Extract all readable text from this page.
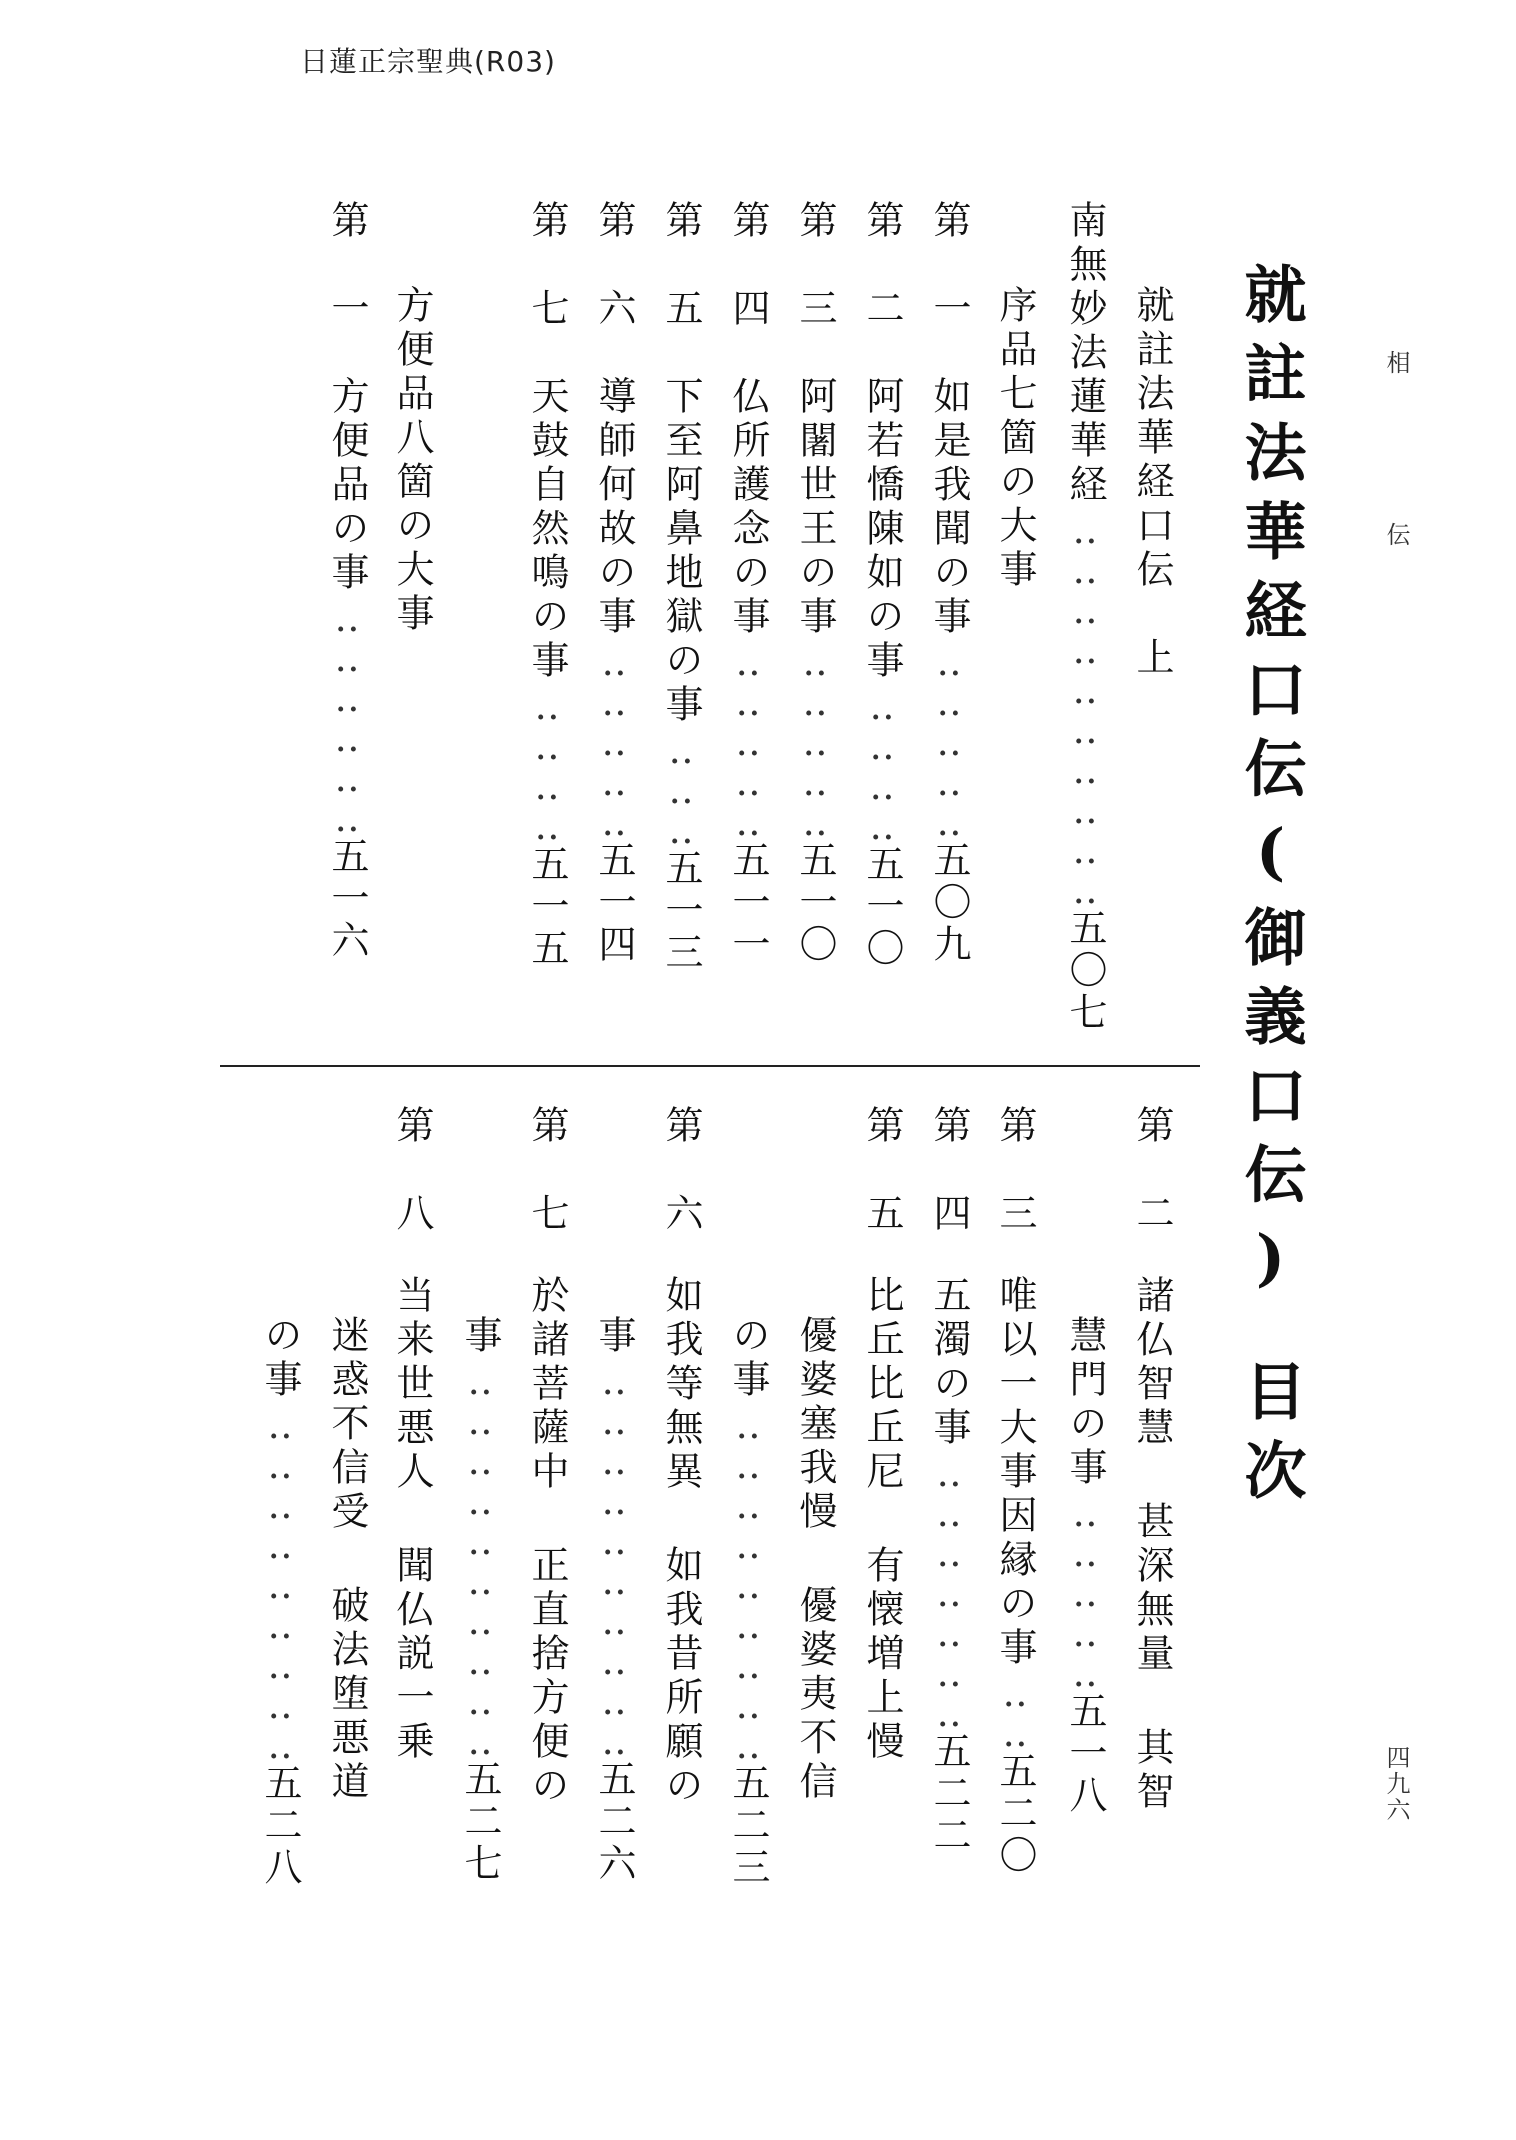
日蓮正宗聖典(R03)
相 伝
四九六
就註法華経口伝(御義口伝)目次
就註法華経口伝　上
南無妙法蓮華経‥‥‥‥‥‥‥‥‥‥五〇七
序品七箇の大事
第　一　如是我聞の事‥‥‥‥‥五〇九
第　二　阿若憍陳如の事‥‥‥‥五一〇
第　三　阿闍世王の事‥‥‥‥‥五一〇
第　四　仏所護念の事‥‥‥‥‥五一一
第　五　下至阿鼻地獄の事‥‥‥五一三
第　六　導師何故の事‥‥‥‥‥五一四
第　七　天鼓自然鳴の事‥‥‥‥五一五
方便品八箇の大事
第　一　方便品の事‥‥‥‥‥‥五一六
第　二
諸仏智慧 甚深無量 其智
慧門の事‥‥‥‥‥五一八
第　三
唯以一大事因縁の事‥‥五二〇
第　四
五濁の事‥‥‥‥‥‥‥五二二
第　五
比丘比丘尼 有懐増上慢
優婆塞我慢 優婆夷不信
の事‥‥‥‥‥‥‥‥‥五二三
第　六
如我等無異 如我昔所願の
事‥‥‥‥‥‥‥‥‥‥五二六
第　七
於諸菩薩中 正直捨方便の
事‥‥‥‥‥‥‥‥‥‥五二七
第　八
当来世悪人 聞仏説一乗
迷惑不信受 破法堕悪道
の事‥‥‥‥‥‥‥‥‥五二八
